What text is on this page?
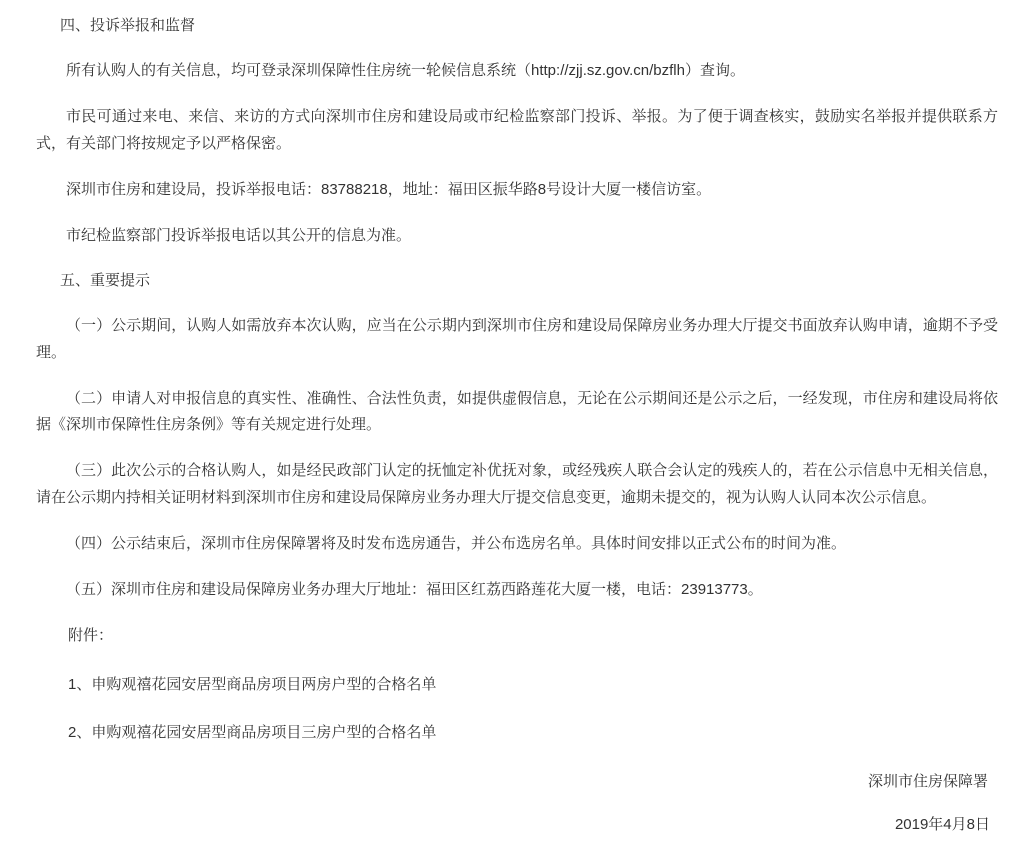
四、投诉举报和监督

所有认购人的有关信息，均可登录深圳保障性住房统一轮候信息系统（http://zjj.sz.gov.cn/bzflh）查询。

市民可通过来电、来信、来访的方式向深圳市住房和建设局或市纪检监察部门投诉、举报。为了便于调查核实，鼓励实名举报并提供联系方式，有关部门将按规定予以严格保密。

深圳市住房和建设局，投诉举报电话：83788218，地址：福田区振华路8号设计大厦一楼信访室。

市纪检监察部门投诉举报电话以其公开的信息为准。

五、重要提示

（一）公示期间，认购人如需放弃本次认购，应当在公示期内到深圳市住房和建设局保障房业务办理大厅提交书面放弃认购申请，逾期不予受理。

（二）申请人对申报信息的真实性、准确性、合法性负责，如提供虚假信息，无论在公示期间还是公示之后，一经发现，市住房和建设局将依据《深圳市保障性住房条例》等有关规定进行处理。

（三）此次公示的合格认购人，如是经民政部门认定的抚恤定补优抚对象，或经残疾人联合会认定的残疾人的，若在公示信息中无相关信息，请在公示期内持相关证明材料到深圳市住房和建设局保障房业务办理大厅提交信息变更，逾期未提交的，视为认购人认同本次公示信息。

（四）公示结束后，深圳市住房保障署将及时发布选房通告，并公布选房名单。具体时间安排以正式公布的时间为准。

（五）深圳市住房和建设局保障房业务办理大厅地址：福田区红荔西路莲花大厦一楼，电话：23913773。

附件：

1、申购观禧花园安居型商品房项目两房户型的合格名单

2、申购观禧花园安居型商品房项目三房户型的合格名单

深圳市住房保障署

2019年4月8日
